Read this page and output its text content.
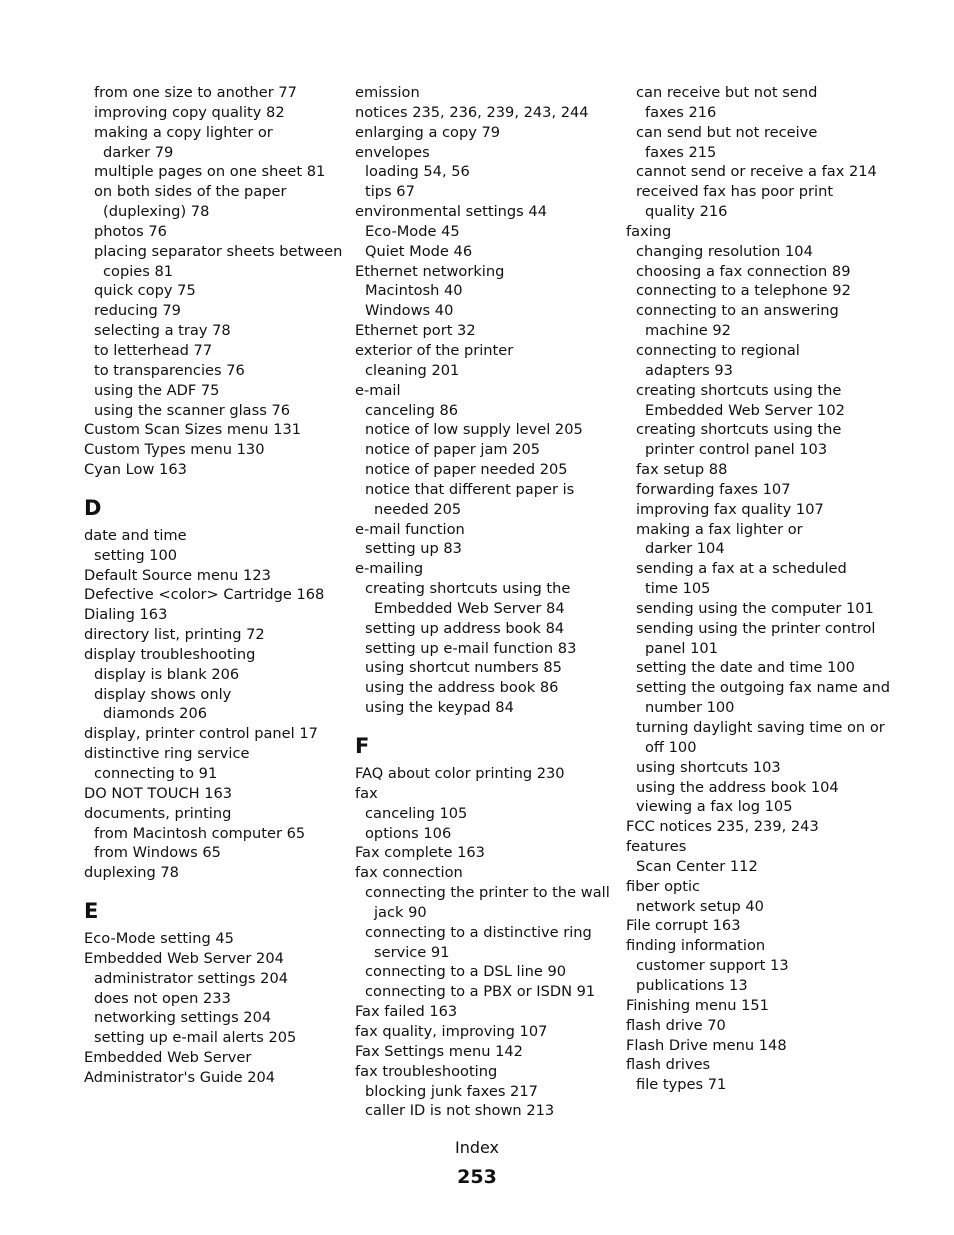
from one size to another 77
improving copy quality 82
making a copy lighter or
darker 79
multiple pages on one sheet 81
on both sides of the paper
(duplexing) 78
photos 76
placing separator sheets between
copies 81
quick copy 75
reducing 79
selecting a tray 78
to letterhead 77
to transparencies 76
using the ADF 75
using the scanner glass 76
Custom Scan Sizes menu 131
Custom Types menu 130
Cyan Low 163
D
date and time
setting 100
Default Source menu 123
Defective <color> Cartridge 168
Dialing 163
directory list, printing 72
display troubleshooting
display is blank 206
display shows only
diamonds 206
display, printer control panel 17
distinctive ring service
connecting to 91
DO NOT TOUCH 163
documents, printing
from Macintosh computer 65
from Windows 65
duplexing 78
E
Eco-Mode setting 45
Embedded Web Server 204
administrator settings 204
does not open 233
networking settings 204
setting up e-mail alerts 205
Embedded Web Server
Administrator's Guide 204
emission
notices 235, 236, 239, 243, 244
enlarging a copy 79
envelopes
loading 54, 56
tips 67
environmental settings 44
Eco-Mode 45
Quiet Mode 46
Ethernet networking
Macintosh 40
Windows 40
Ethernet port 32
exterior of the printer
cleaning 201
e-mail
canceling 86
notice of low supply level 205
notice of paper jam 205
notice of paper needed 205
notice that different paper is
needed 205
e-mail function
setting up 83
e-mailing
creating shortcuts using the
Embedded Web Server 84
setting up address book 84
setting up e-mail function 83
using shortcut numbers 85
using the address book 86
using the keypad 84
F
FAQ about color printing 230
fax
canceling 105
options 106
Fax complete 163
fax connection
connecting the printer to the wall
jack 90
connecting to a distinctive ring
service 91
connecting to a DSL line 90
connecting to a PBX or ISDN 91
Fax failed 163
fax quality, improving 107
Fax Settings menu 142
fax troubleshooting
blocking junk faxes 217
caller ID is not shown 213
can receive but not send
faxes 216
can send but not receive
faxes 215
cannot send or receive a fax 214
received fax has poor print
quality 216
faxing
changing resolution 104
choosing a fax connection 89
connecting to a telephone 92
connecting to an answering
machine 92
connecting to regional
adapters 93
creating shortcuts using the
Embedded Web Server 102
creating shortcuts using the
printer control panel 103
fax setup 88
forwarding faxes 107
improving fax quality 107
making a fax lighter or
darker 104
sending a fax at a scheduled
time 105
sending using the computer 101
sending using the printer control
panel 101
setting the date and time 100
setting the outgoing fax name and
number 100
turning daylight saving time on or
off 100
using shortcuts 103
using the address book 104
viewing a fax log 105
FCC notices 235, 239, 243
features
Scan Center 112
fiber optic
network setup 40
File corrupt 163
finding information
customer support 13
publications 13
Finishing menu 151
flash drive 70
Flash Drive menu 148
flash drives
file types 71
Index
253
